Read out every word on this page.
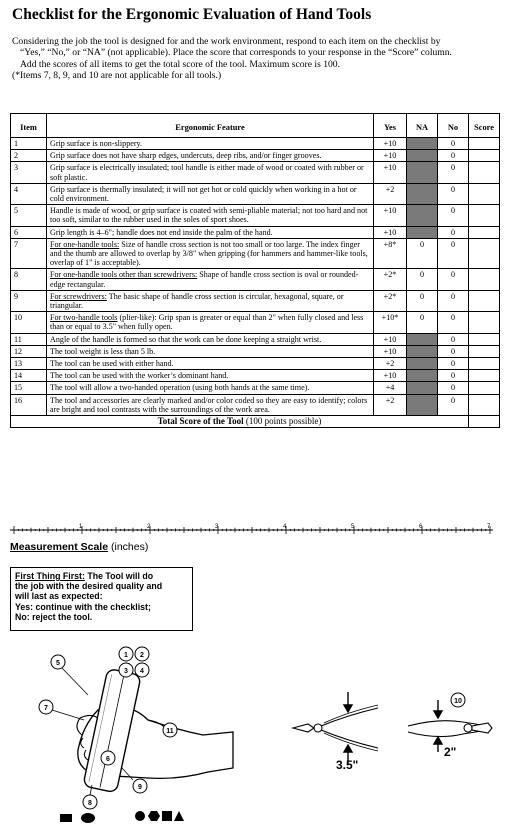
Checklist for the Ergonomic Evaluation of Hand Tools

Considering the job the tool is designed for and the work environment, respond to each item on the checklist by

“Yes,” “No,” or “NA” (not applicable). Place the score that corresponds to your response in the “Score” column.

Add the scores of all items to get the total score of the tool. Maximum score is 100.

(*Items 7, 8, 9, and 10 are not applicable for all tools.)

Item	Ergonomic Feature	Yes	NA	No	Score
1	Grip surface is non-slippery.	+10		0	
2	Grip surface does not have sharp edges, undercuts, deep ribs, and/or finger grooves.	+10		0	
3	Grip surface is electrically insulated; tool handle is either made of wood or coated with rubber or soft plastic.	+10		0	
4	Grip surface is thermally insulated; it will not get hot or cold quickly when working in a hot or cold environment.	+2		0	
5	Handle is made of wood, or grip surface is coated with semi-pliable material; not too hard and not too soft, similar to the rubber used in the soles of sport shoes.	+10		0	
6	Grip length is 4–6"; handle does not end inside the palm of the hand.	+10		0	
7	For one-handle tools: Size of handle cross section is not too small or too large. The index finger and the thumb are allowed to overlap by 3/8" when gripping (for hammers and hammer-like tools, overlap of 1" is acceptable).	+8*	0	0	
8	For one-handle tools other than screwdrivers: Shape of handle cross section is oval or rounded-edge rectangular.	+2*	0	0	
9	For screwdrivers: The basic shape of handle cross section is circular, hexagonal, square, or triangular.	+2*	0	0	
10	For two-handle tools (plier-like): Grip span is greater or equal than 2" when fully closed and less than or equal to 3.5" when fully open.	+10*	0	0	
11	Angle of the handle is formed so that the work can be done keeping a straight wrist.	+10		0	
12	The tool weight is less than 5 lb.	+10		0	
13	The tool can be used with either hand.	+2		0	
14	The tool can be used with the worker’s dominant hand.	+10		0	
15	The tool will allow a two-handed operation (using both hands at the same time).	+4		0	
16	The tool and accessories are clearly marked and/or color coded so they are easy to identify; colors are bright and tool contrasts with the surroundings of the work area.	+2		0	
Total Score of the Tool (100 points possible)					
1	2	3	4	5	6	7
Measurement Scale (inches)
First Thing First: The Tool will do
the job with the desired quality and
will last as expected:
Yes: continue with the checklist;
No: reject the tool.
5
1 2
3 4
7
6
11
8
9
10
3.5"
2"
